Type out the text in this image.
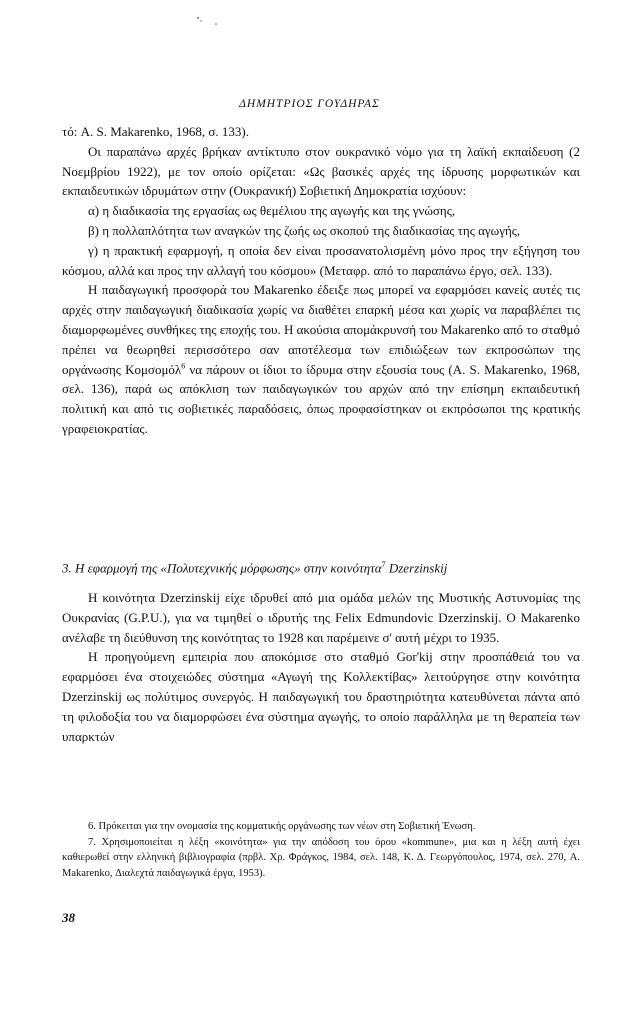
ΔΗΜΗΤΡΙΟΣ ΓΟΥΔΗΡΑΣ

τό: A. S. Makarenko, 1968, σ. 133).

Οι παραπάνω αρχές βρήκαν αντίκτυπο στον ουκρανικό νόμο για τη λαϊκή εκπαίδευση (2 Νοεμβρίου 1922), με τον οποίο ορίζεται: «Ως βασικές αρχές της ίδρυσης μορφωτικών και εκπαιδευτικών ιδρυμάτων στην (Ουκρανική) Σοβιετική Δημοκρατία ισχύουν:

α) η διαδικασία της εργασίας ως θεμέλιου της αγωγής και της γνώσης,

β) η πολλαπλότητα των αναγκών της ζωής ως σκοπού της διαδικασίας της αγωγής,

γ) η πρακτική εφαρμογή, η οποία δεν είναι προσανατολισμένη μόνο προς την εξήγηση του κόσμου, αλλά και προς την αλλαγή του κόσμου» (Μεταφρ. από το παραπάνω έργο, σελ. 133).

Η παιδαγωγική προσφορά του Makarenko έδειξε πως μπορεί να εφαρμόσει κανείς αυτές τις αρχές στην παιδαγωγική διαδικασία χωρίς να διαθέτει επαρκή μέσα και χωρίς να παραβλέπει τις διαμορφωμένες συνθήκες της εποχής του. Η ακούσια απομάκρυνσή του Makarenko από το σταθμό πρέπει να θεωρηθεί περισσότερο σαν αποτέλεσμα των επιδιώξεων των εκπροσώπων της οργάνωσης Κομσομόλ$^6$ να πάρουν οι ίδιοι το ίδρυμα στην εξουσία τους (A. S. Makarenko, 1968, σελ. 136), παρά ως απόκλιση των παιδαγωγικών του αρχών από την επίσημη εκπαιδευτική πολιτική και από τις σοβιετικές παραδόσεις, όπως προφασίστηκαν οι εκπρόσωποι της κρατικής γραφειοκρατίας.

3. Η εφαρμογή της «Πολυτεχνικής μόρφωσης» στην κοινότητα$^7$ Dzerzinskij

Η κοινότητα Dzerzinskij είχε ιδρυθεί από μια ομάδα μελών της Μυστικής Αστυνομίας της Ουκρανίας (G.P.U.), για να τιμηθεί ο ιδρυτής της Felix Edmundovic Dzerzinskij. Ο Makarenko ανέλαβε τη διεύθυνση της κοινότητας το 1928 και παρέμεινε σ' αυτή μέχρι το 1935.

Η προηγούμενη εμπειρία που αποκόμισε στο σταθμό Gor'kij στην προσπάθειά του να εφαρμόσει ένα στοιχειώδες σύστημα «Αγωγή της Κολλεκτίβας» λειτούργησε στην κοινότητα Dzerzinskij ως πολύτιμος συνεργός. Η παιδαγωγική του δραστηριότητα κατευθύνεται πάντα από τη φιλοδοξία του να διαμορφώσει ένα σύστημα αγωγής, το οποίο παράλληλα με τη θεραπεία των υπαρκτών

6. Πρόκειται για την ονομασία της κομματικής οργάνωσης των νέων στη Σοβιετική Ένωση.

7. Χρησιμοποιείται η λέξη «κοινότητα» για την απόδοση του όρου «kommune», μια και η λέξη αυτή έχει καθιερωθεί στην ελληνική βιβλιογραφία (πρβλ. Χρ. Φράγκος, 1984, σελ. 148, Κ. Δ. Γεωργόπουλος, 1974, σελ. 270, A. Makarenko, Διαλεχτά παιδαγωγικά έργα, 1953).

38
